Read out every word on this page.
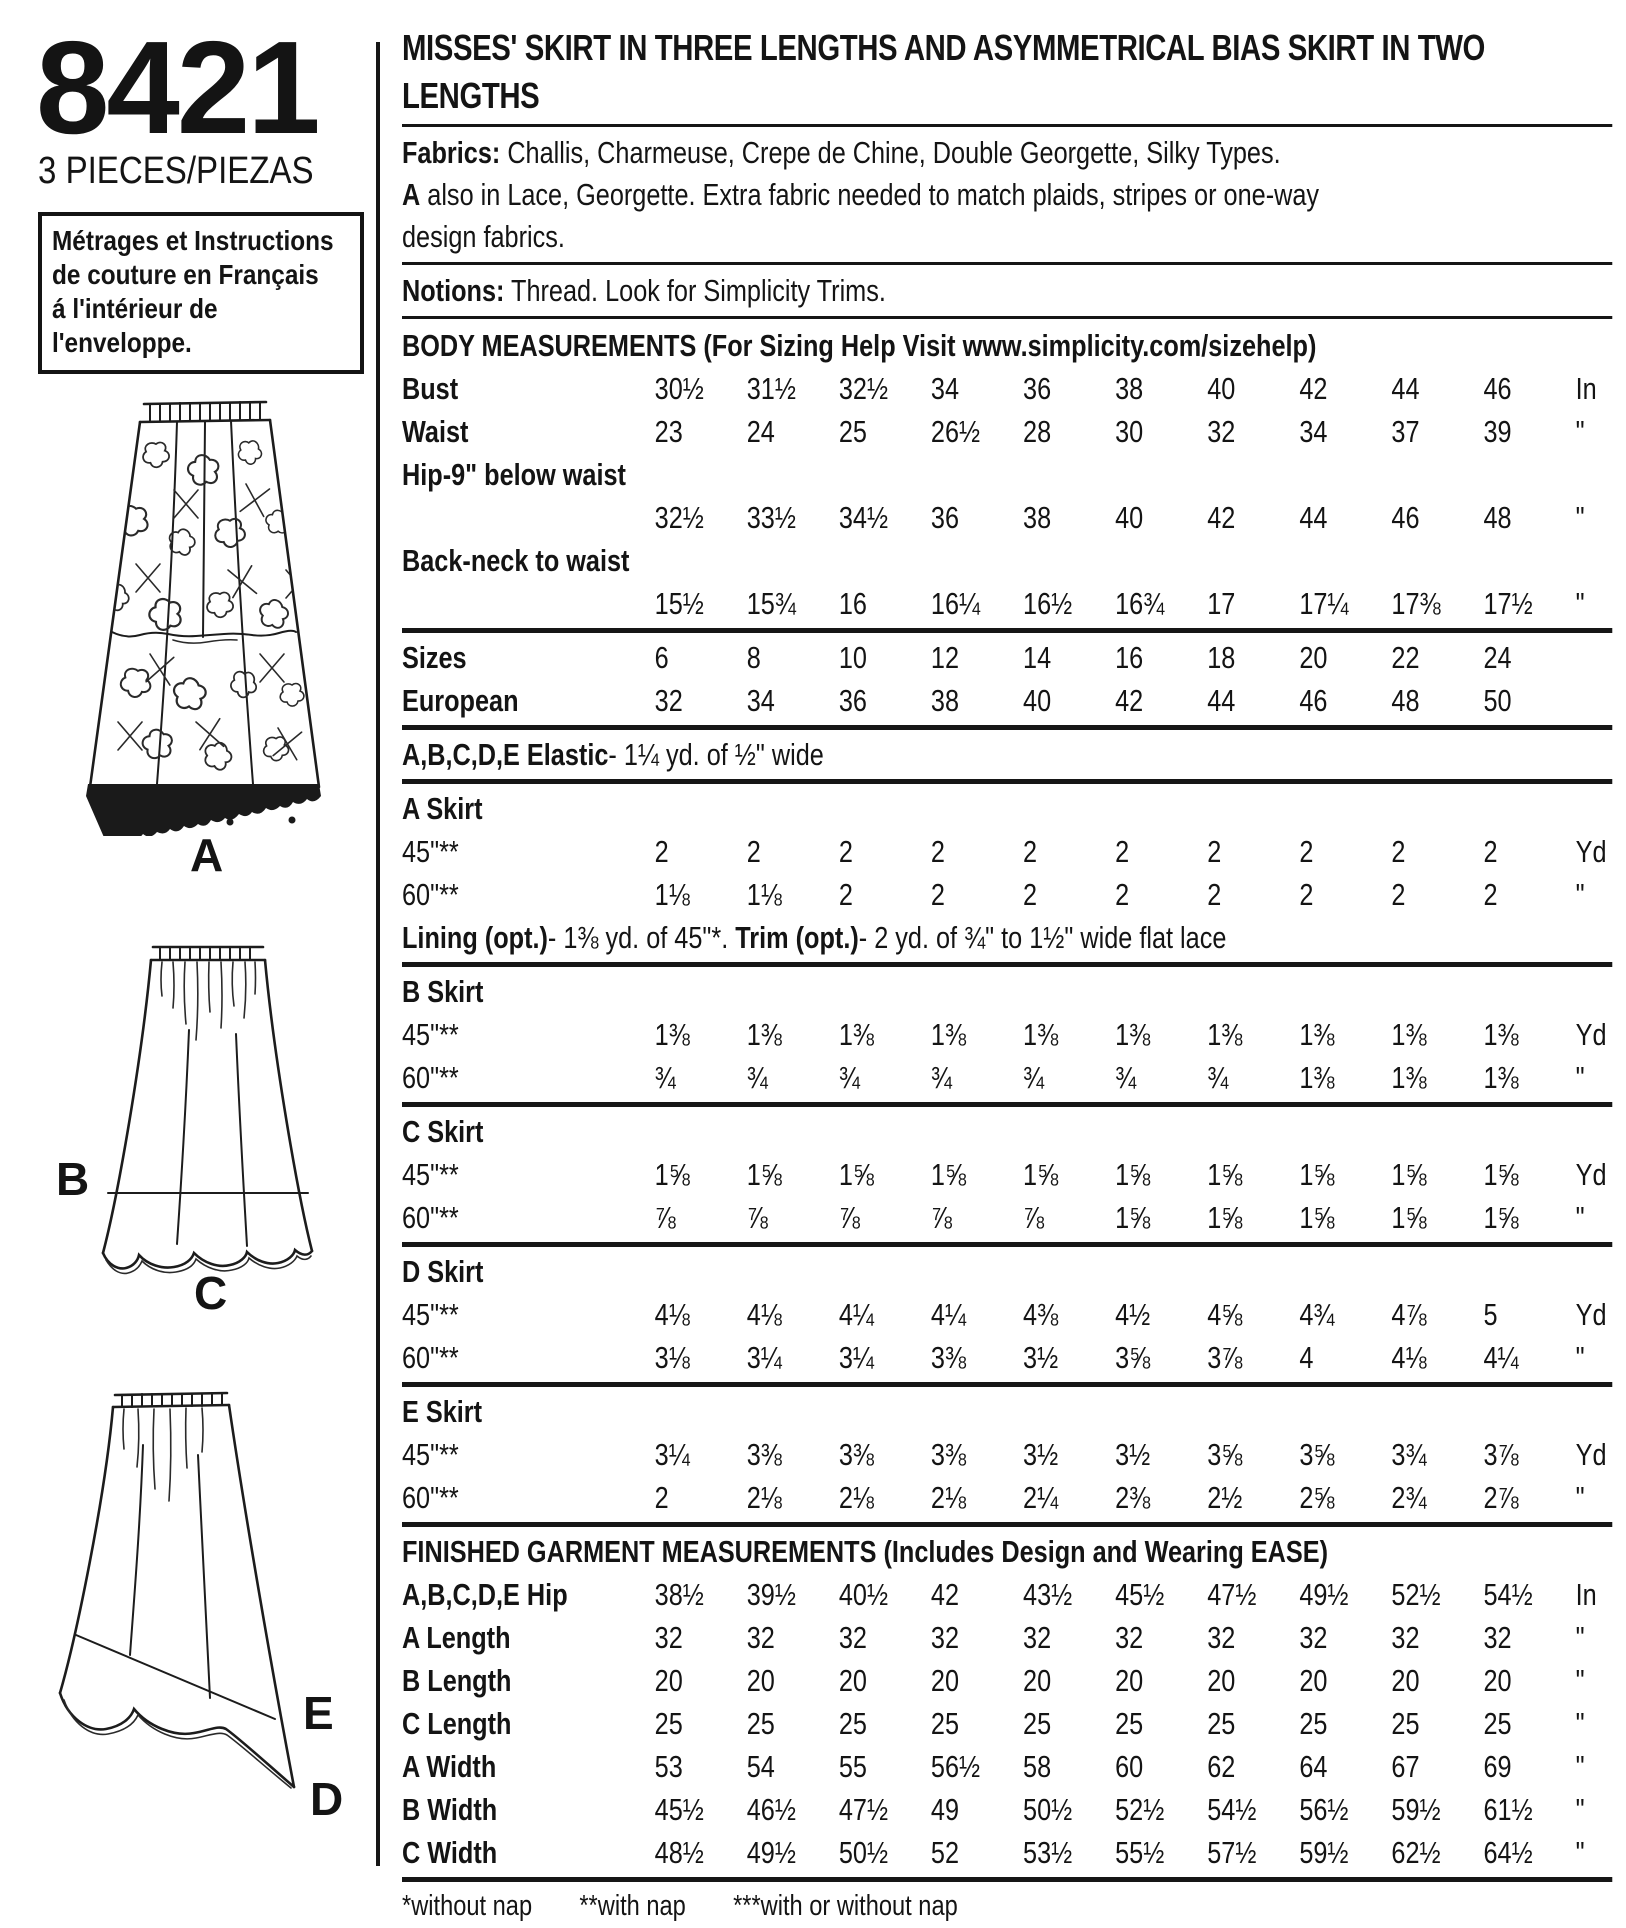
8421
3 PIECES/PIEZAS
Métrages et Instructions
de couture en Français
á l'intérieur de
l'enveloppe.
A
B
C
E
D
MISSES' SKIRT IN THREE LENGTHS AND ASYMMETRICAL BIAS SKIRT IN TWO LENGTHS
Fabrics: Challis, Charmeuse, Crepe de Chine, Double Georgette, Silky Types.
A also in Lace, Georgette. Extra fabric needed to match plaids, stripes or one-way
design fabrics.
Notions: Thread. Look for Simplicity Trims.
BODY MEASUREMENTS (For Sizing Help Visit www.simplicity.com/sizehelp)
Bust	30½	31½	32½	34	36	38	40	42	44	46	In
Waist	23	24	25	26½	28	30	32	34	37	39	"
Hip-9" below waist
32½	33½	34½	36	38	40	42	44	46	48	"
Back-neck to waist
15½	15¾	16	16¼	16½	16¾	17	17¼	17⅜	17½	"
Sizes	6	8	10	12	14	16	18	20	22	24
European	32	34	36	38	40	42	44	46	48	50
A,B,C,D,E Elastic- 1¼ yd. of ½" wide
A Skirt
45"**	2	2	2	2	2	2	2	2	2	2	Yd
60"**	1⅛	1⅛	2	2	2	2	2	2	2	2	"
Lining (opt.)- 1⅜ yd. of 45"*. Trim (opt.)- 2 yd. of ¾" to 1½" wide flat lace
B Skirt
45"**	1⅜	1⅜	1⅜	1⅜	1⅜	1⅜	1⅜	1⅜	1⅜	1⅜	Yd
60"**	¾	¾	¾	¾	¾	¾	¾	1⅜	1⅜	1⅜	"
C Skirt
45"**	1⅝	1⅝	1⅝	1⅝	1⅝	1⅝	1⅝	1⅝	1⅝	1⅝	Yd
60"**	⅞	⅞	⅞	⅞	⅞	1⅝	1⅝	1⅝	1⅝	1⅝	"
D Skirt
45"**	4⅛	4⅛	4¼	4¼	4⅜	4½	4⅝	4¾	4⅞	5	Yd
60"**	3⅛	3¼	3¼	3⅜	3½	3⅝	3⅞	4	4⅛	4¼	"
E Skirt
45"**	3¼	3⅜	3⅜	3⅜	3½	3½	3⅝	3⅝	3¾	3⅞	Yd
60"**	2	2⅛	2⅛	2⅛	2¼	2⅜	2½	2⅝	2¾	2⅞	"
FINISHED GARMENT MEASUREMENTS (Includes Design and Wearing EASE)
A,B,C,D,E Hip	38½	39½	40½	42	43½	45½	47½	49½	52½	54½	In
A Length	32	32	32	32	32	32	32	32	32	32	"
B Length	20	20	20	20	20	20	20	20	20	20	"
C Length	25	25	25	25	25	25	25	25	25	25	"
A Width	53	54	55	56½	58	60	62	64	67	69	"
B Width	45½	46½	47½	49	50½	52½	54½	56½	59½	61½	"
C Width	48½	49½	50½	52	53½	55½	57½	59½	62½	64½	"
*without nap **with nap ***with or without nap
